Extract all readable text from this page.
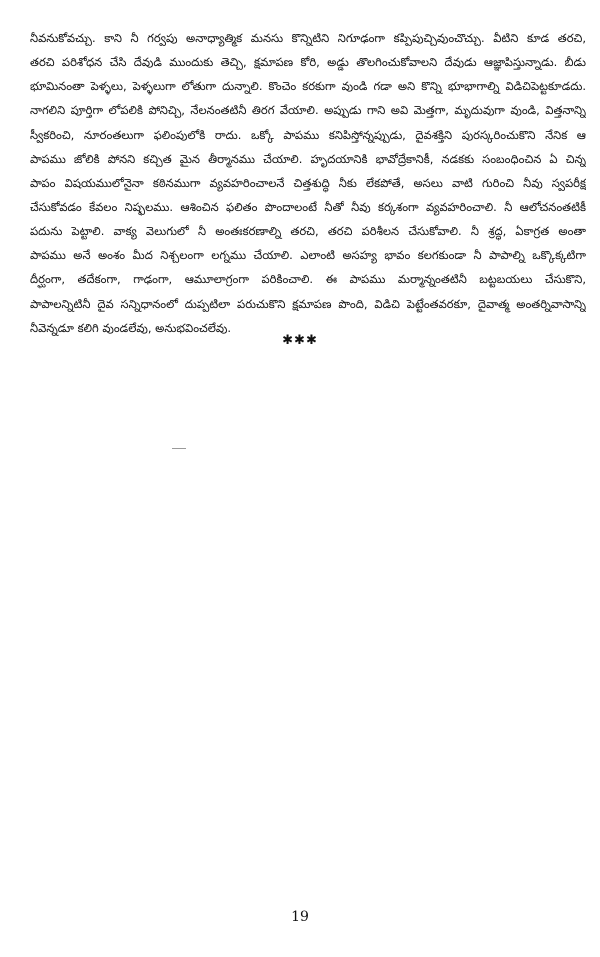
నీవనుకోవచ్చు. కాని నీ గర్వపు అనాధ్యాత్మిక మనసు కొన్నిటిని నిగూఢంగా కప్పిపుచ్చివుంచొచ్చు. వీటిని కూడ తరచి,
తరచి పరిశోధన చేసి దేవుడి ముందుకు తెచ్చి, క్షమాపణ కోరి, అడ్డు తొలగించుకోవాలని దేవుడు ఆజ్ఞాపిస్తున్నాడు. బీడు
భూమినంతా పెళ్ళలు, పెళ్ళలుగా లోతుగా దున్నాలి. కొంచెం కరకుగా వుండి గడా అని కొన్ని భూభాగాల్ని విడిచిపెట్టకూడదు.
నాగలిని పూర్తిగా లోపలికి పోనిచ్చి, నేలనంతటినీ తిరగ వేయాలి. అప్పుడు గాని అవి మెత్తగా, మృదువుగా వుండి, విత్తనాన్ని
స్వీకరించి, నూరంతలుగా ఫలింపులోకి రాదు. ఒక్కో పాపము కనిపిస్తోన్నప్పుడు, దైవశక్తిని పురస్కరించుకొని నేనిక ఆ
పాపము జోలికి పోనని కచ్చిత మైన తీర్మానము చేయాలి. హృదయానికి భావోద్రేకానికీ, నడకకు సంబంధించిన ఏ చిన్న
పాపం విషయములోనైనా కఠినముగా వ్యవహరించాలనే చిత్తశుద్ధి నీకు లేకపోతే, అసలు వాటి గురించి నీవు స్వపరీక్ష
చేసుకోవడం కేవలం నిష్ఫలము. ఆశించిన ఫలితం పొందాలంటే నీతో నీవు కర్కశంగా వ్యవహరించాలి. నీ ఆలోచనంతటికీ
పదును పెట్టాలి. వాక్య వెలుగులో నీ అంతఃకరణాల్ని తరచి, తరచి పరిశీలన చేసుకోవాలి. నీ శ్రద్ధ, ఏకాగ్రత అంతా
పాపము అనే అంశం మీద నిశ్చలంగా లగ్నము చేయాలి. ఎలాంటి అసహ్య భావం కలగకుండా నీ పాపాల్ని ఒక్కొక్కటిగా
దీర్ఘంగా, తదేకంగా, గాఢంగా, ఆమూలాగ్రంగా పరికించాలి. ఈ పాపము మర్మాన్నంతటినీ బట్టబయలు చేసుకొని,
పాపాలన్నిటినీ దైవ సన్నిధానంలో దుప్పటిలా పరుచుకొని క్షమాపణ పొంది, విడిచి పెట్టేంతవరకూ, దైవాత్మ అంతర్నివాసాన్ని
నీవెన్నడూ కలిగి వుండలేవు, అనుభవించలేవు.
✱✱✱
19
